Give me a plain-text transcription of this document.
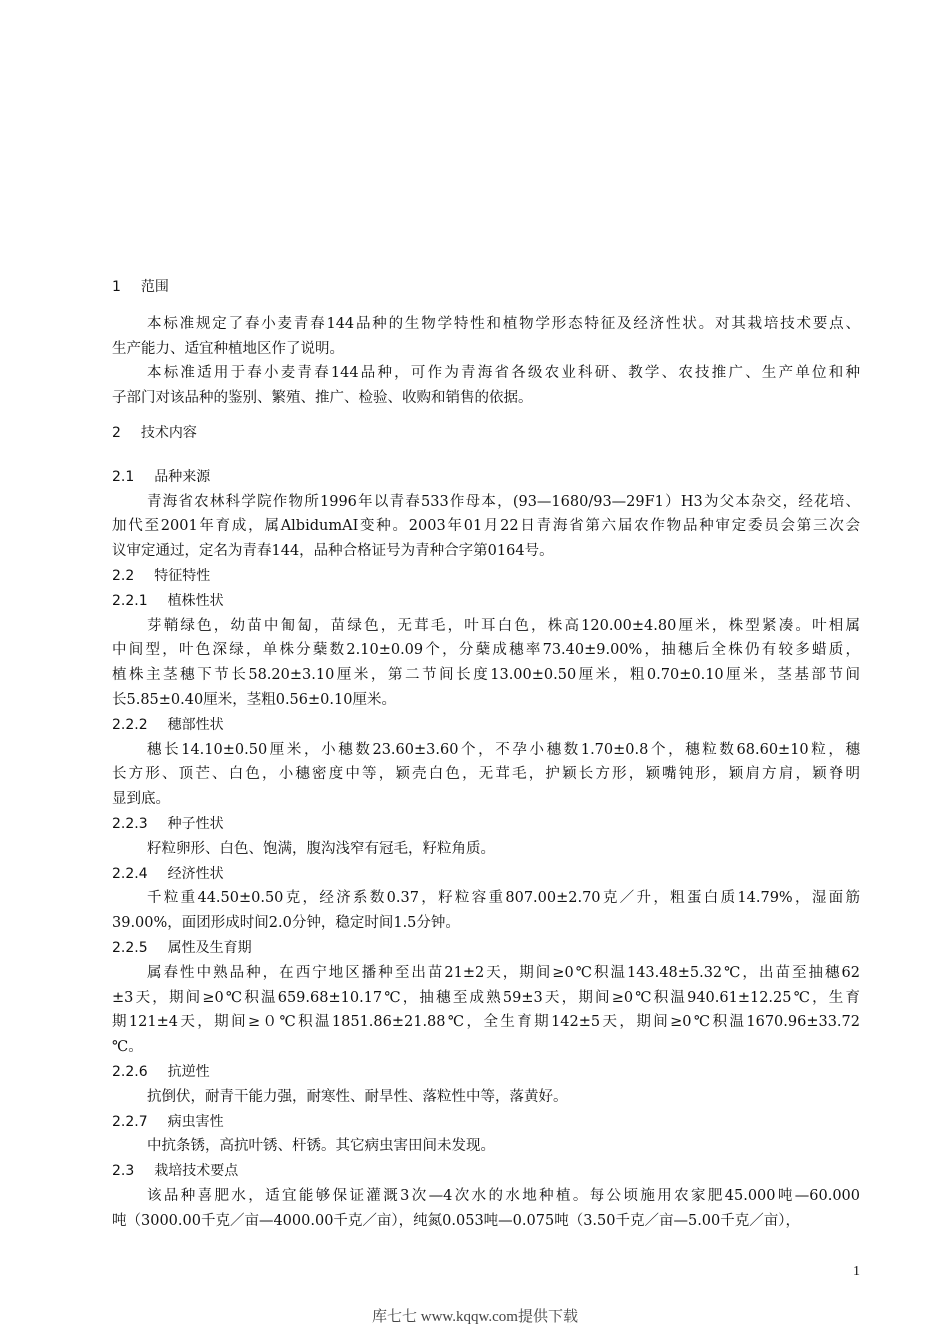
1 范围
本标准规定了春小麦青春144品种的生物学特性和植物学形态特征及经济性状。对其栽培技术要点、
生产能力、适宜种植地区作了说明。
本标准适用于春小麦青春144品种，可作为青海省各级农业科研、教学、农技推广、生产单位和种
子部门对该品种的鉴别、繁殖、推广、检验、收购和销售的依据。
2 技术内容
2.1 品种来源
青海省农林科学院作物所1996年以青春533作母本，(93—1680/93—29F1）H3为父本杂交，经花培、
加代至2001年育成，属AlbidumAI变种。2003年01月22日青海省第六届农作物品种审定委员会第三次会
议审定通过，定名为青春144，品种合格证号为青种合字第0164号。
2.2 特征特性
2.2.1 植株性状
芽鞘绿色，幼苗中匍匐，苗绿色，无茸毛，叶耳白色，株高120.00±4.80厘米，株型紧凑。叶相属
中间型，叶色深绿，单株分蘖数2.10±0.09个，分蘖成穗率73.40±9.00%，抽穗后全株仍有较多蜡质，
植株主茎穗下节长58.20±3.10厘米，第二节间长度13.00±0.50厘米，粗0.70±0.10厘米，茎基部节间
长5.85±0.40厘米，茎粗0.56±0.10厘米。
2.2.2 穗部性状
穗长14.10±0.50厘米，小穗数23.60±3.60个，不孕小穗数1.70±0.8个，穗粒数68.60±10粒，穗
长方形、顶芒、白色，小穗密度中等，颖壳白色，无茸毛，护颖长方形，颖嘴钝形，颖肩方肩，颖脊明
显到底。
2.2.3 种子性状
籽粒卵形、白色、饱满，腹沟浅窄有冠毛，籽粒角质。
2.2.4 经济性状
千粒重44.50±0.50克，经济系数0.37，籽粒容重807.00±2.70克／升，粗蛋白质14.79%，湿面筋
39.00%，面团形成时间2.0分钟，稳定时间1.5分钟。
2.2.5 属性及生育期
属春性中熟品种，在西宁地区播种至出苗21±2天，期间≥0℃积温143.48±5.32℃，出苗至抽穗62
±3天，期间≥0℃积温659.68±10.17℃，抽穗至成熟59±3天，期间≥0℃积温940.61±12.25℃，生育
期121±4天，期间≥０℃积温1851.86±21.88℃，全生育期142±5天，期间≥0℃积温1670.96±33.72
℃。
2.2.6 抗逆性
抗倒伏，耐青干能力强，耐寒性、耐旱性、落粒性中等，落黄好。
2.2.7 病虫害性
中抗条锈，高抗叶锈、杆锈。其它病虫害田间未发现。
2.3 栽培技术要点
该品种喜肥水，适宜能够保证灌溉3次—4次水的水地种植。每公顷施用农家肥45.000吨—60.000
吨（3000.00千克／亩—4000.00千克／亩），纯氮0.053吨—0.075吨（3.50千克／亩—5.00千克／亩），
1
库七七 www.kqqw.com提供下载
